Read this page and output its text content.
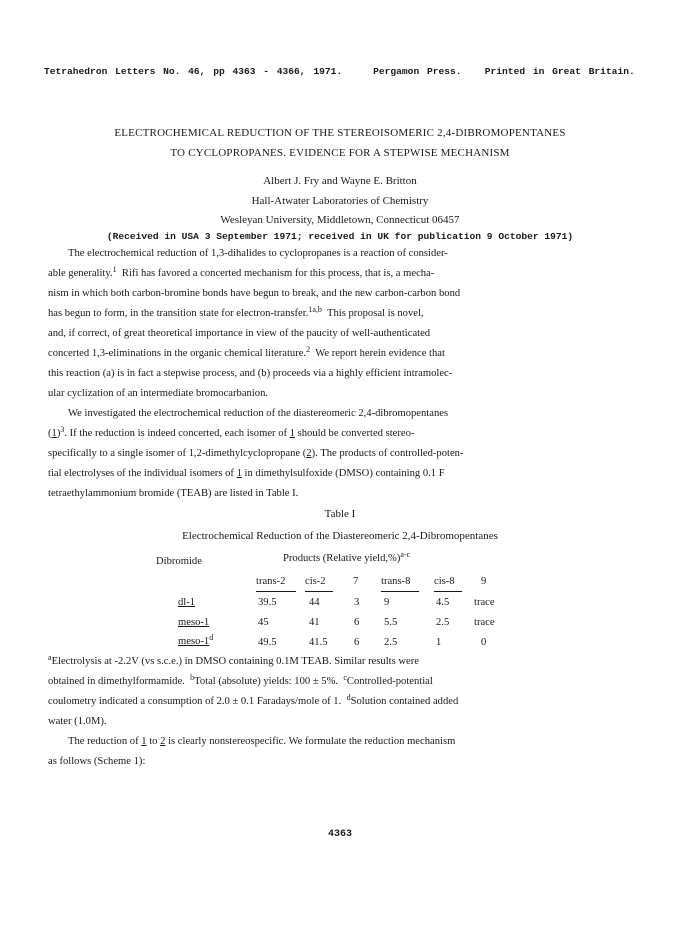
Tetrahedron Letters No. 46, pp 4363 - 4366, 1971.	Pergamon Press. Printed in Great Britain.
ELECTROCHEMICAL REDUCTION OF THE STEREOISOMERIC 2,4-DIBROMOPENTANES
TO CYCLOPROPANES. EVIDENCE FOR A STEPWISE MECHANISM
Albert J. Fry and Wayne E. Britton
Hall-Atwater Laboratories of Chemistry
Wesleyan University, Middletown, Connecticut 06457
(Received in USA 3 September 1971; received in UK for publication 9 October 1971)
The electrochemical reduction of 1,3-dihalides to cyclopropanes is a reaction of consider-
able generality.$^1$ Rifi has favored a concerted mechanism for this process, that is, a mecha-
nism in which both carbon-bromine bonds have begun to break, and the new carbon-carbon bond
has begun to form, in the transition state for electron-transfer.$^{1a,b}$ This proposal is novel,
and, if correct, of great theoretical importance in view of the paucity of well-authenticated
concerted 1,3-eliminations in the organic chemical literature.$^2$ We report herein evidence that
this reaction (a) is in fact a stepwise process, and (b) proceeds via a highly efficient intramolec-
ular cyclization of an intermediate bromocarbanion.
We investigated the electrochemical reduction of the diastereomeric 2,4-dibromopentanes
$(1)^3$. If the reduction is indeed concerted, each isomer of 1 should be converted stereo-
specifically to a single isomer of 1,2-dimethylcyclopropane (2). The products of controlled-poten-
tial electrolyses of the individual isomers of 1 in dimethylsulfoxide (DMSO) containing 0.1 F
tetraethylammonium bromide (TEAB) are listed in Table I.
Table I
Electrochemical Reduction of the Diastereomeric 2,4-Dibromopentanes
Dibromide	Products (Relative yield,%)$^{a-c}$
trans-2 cis-2	7 trans-8 cis-8 9
dl-1	39.5	44	3 9	4.5 trace
meso-1	45	41	6 5.5	2.5 trace
meso-1$^d$	49.5	41.5 6 2.5	1	0
$^a$Electrolysis at -2.2V (vs s.c.e.) in DMSO containing 0.1M TEAB. Similar results were
obtained in dimethylformamide. $^b$Total (absolute) yields: 100 ± 5%. $^c$Controlled-potential
coulometry indicated a consumption of 2.0 ± 0.1 Faradays/mole of 1. $^d$Solution contained added
water (1.0M).
The reduction of 1 to 2 is clearly nonstereospecific. We formulate the reduction mechanism
as follows (Scheme 1):
4363
